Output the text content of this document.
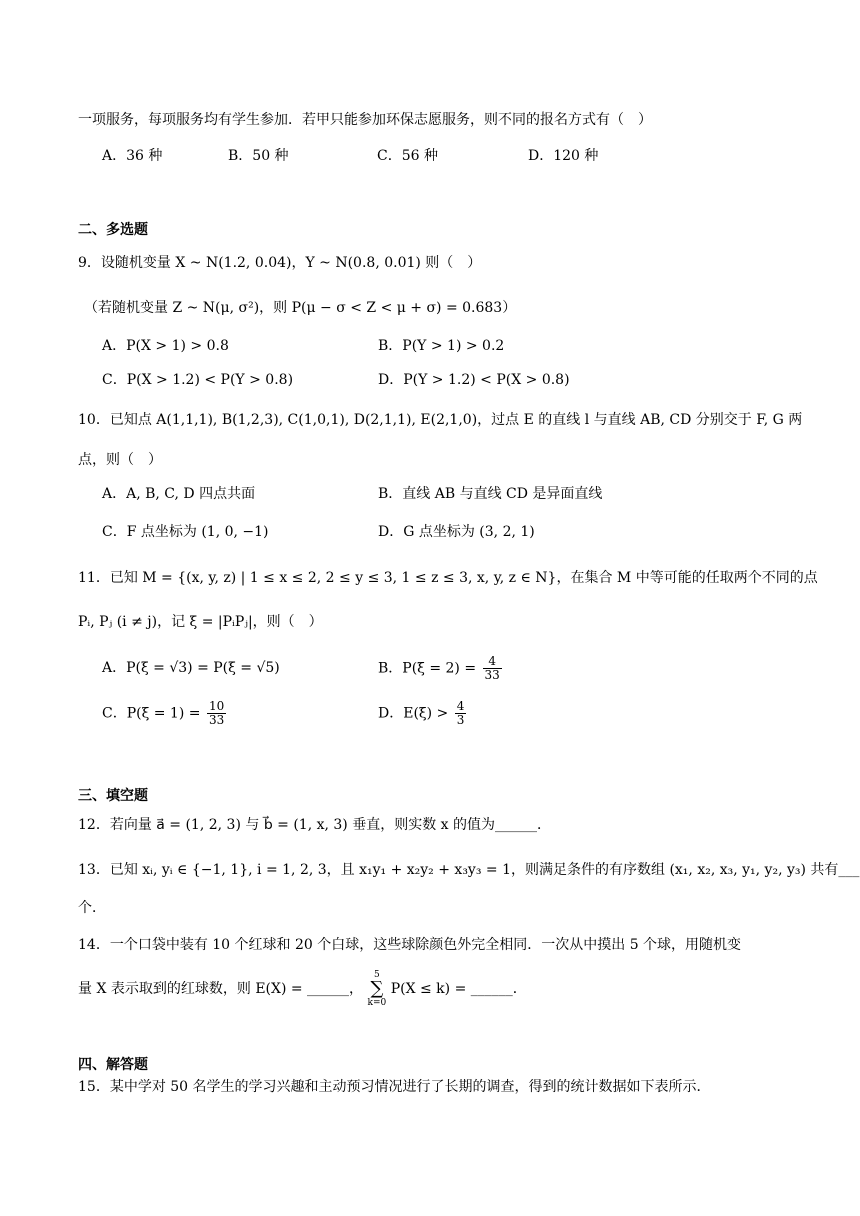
一项服务，每项服务均有学生参加．若甲只能参加环保志愿服务，则不同的报名方式有（　）
A．36 种	B．50 种	C．56 种	D．120 种
二、多选题
9．设随机变量 X ~ N(1.2, 0.04)，Y ~ N(0.8, 0.01) 则（　）
（若随机变量 Z ~ N(μ, σ²)，则 P(μ − σ < Z < μ + σ) = 0.683）
A．P(X > 1) > 0.8	B．P(Y > 1) > 0.2
C．P(X > 1.2) < P(Y > 0.8)	D．P(Y > 1.2) < P(X > 0.8)
10．已知点 A(1,1,1), B(1,2,3), C(1,0,1), D(2,1,1), E(2,1,0)，过点 E 的直线 l 与直线 AB, CD 分别交于 F, G 两
点，则（　）
A．A, B, C, D 四点共面	B．直线 AB 与直线 CD 是异面直线
C．F 点坐标为 (1, 0, −1)	D．G 点坐标为 (3, 2, 1)
11．已知 M = {(x, y, z) | 1 ≤ x ≤ 2, 2 ≤ y ≤ 3, 1 ≤ z ≤ 3, x, y, z ∈ N}，在集合 M 中等可能的任取两个不同的点
Pᵢ, Pⱼ (i ≠ j)，记 ξ = |PᵢPⱼ|，则（　）
A．P(ξ = √3) = P(ξ = √5)	B．$P(\xi = 2) = \frac{4}{33}$
C．$P(\xi = 1) = \frac{10}{33}$	D．$E(\xi) > \frac{4}{3}$
三、填空题
12．若向量 a⃗ = (1, 2, 3) 与 b⃗ = (1, x, 3) 垂直，则实数 x 的值为______．
13．已知 xᵢ, yᵢ ∈ {−1, 1}, i = 1, 2, 3，且 x₁y₁ + x₂y₂ + x₃y₃ = 1，则满足条件的有序数组 (x₁, x₂, x₃, y₁, y₂, y₃) 共有___
个．
14．一个口袋中装有 10 个红球和 20 个白球，这些球除颜色外完全相同．一次从中摸出 5 个球，用随机变
量 X 表示取到的红球数，则 E(X) = ______， 5
∑
k=0 P(X ≤ k) = ______．
四、解答题
15．某中学对 50 名学生的学习兴趣和主动预习情况进行了长期的调查，得到的统计数据如下表所示．
